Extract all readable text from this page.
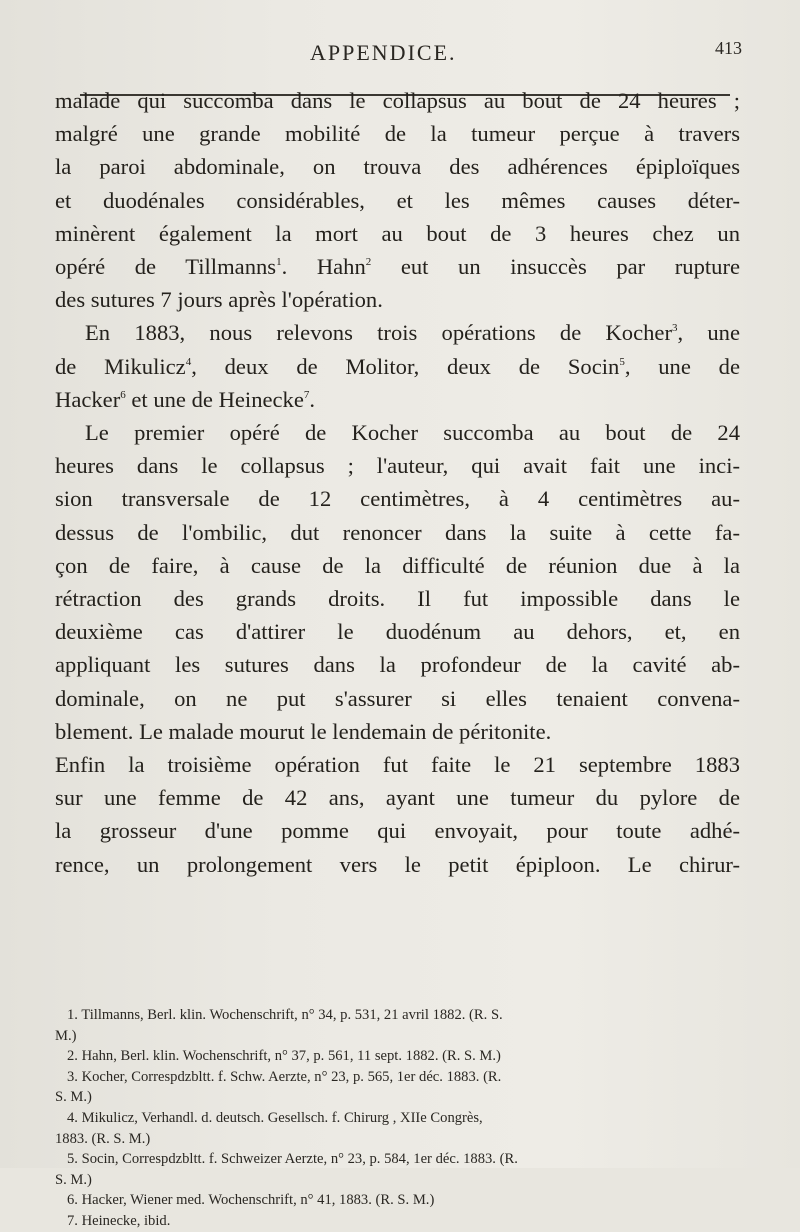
APPENDICE.	413
malade qui succomba dans le collapsus au bout de 24 heures ;
malgré une grande mobilité de la tumeur perçue à travers
la paroi abdominale, on trouva des adhérences épiploïques
et duodénales considérables, et les mêmes causes déter-
minèrent également la mort au bout de 3 heures chez un
opéré de Tillmanns$^1$. Hahn$^2$ eut un insuccès par rupture
des sutures 7 jours après l'opération.
En 1883, nous relevons trois opérations de Kocher$^3$, une
de Mikulicz$^4$, deux de Molitor, deux de Socin$^5$, une de
Hacker$^6$ et une de Heinecke$^7$.
Le premier opéré de Kocher succomba au bout de 24
heures dans le collapsus ; l'auteur, qui avait fait une inci-
sion transversale de 12 centimètres, à 4 centimètres au-
dessus de l'ombilic, dut renoncer dans la suite à cette fa-
çon de faire, à cause de la difficulté de réunion due à la
rétraction des grands droits. Il fut impossible dans le
deuxième cas d'attirer le duodénum au dehors, et, en
appliquant les sutures dans la profondeur de la cavité ab-
dominale, on ne put s'assurer si elles tenaient convena-
blement. Le malade mourut le lendemain de péritonite.
Enfin la troisième opération fut faite le 21 septembre 1883
sur une femme de 42 ans, ayant une tumeur du pylore de
la grosseur d'une pomme qui envoyait, pour toute adhé-
rence, un prolongement vers le petit épiploon. Le chirur-
1. Tillmanns, Berl. klin. Wochenschrift, n° 34, p. 531, 21 avril 1882. (R. S.
M.)
2. Hahn, Berl. klin. Wochenschrift, n° 37, p. 561, 11 sept. 1882. (R. S. M.)
3. Kocher, Correspdzbltt. f. Schw. Aerzte, n° 23, p. 565, 1er déc. 1883. (R.
S. M.)
4. Mikulicz, Verhandl. d. deutsch. Gesellsch. f. Chirurg , XIIe Congrès,
1883. (R. S. M.)
5. Socin, Correspdzbltt. f. Schweizer Aerzte, n° 23, p. 584, 1er déc. 1883. (R.
S. M.)
6. Hacker, Wiener med. Wochenschrift, n° 41, 1883. (R. S. M.)
7. Heinecke, ibid.
